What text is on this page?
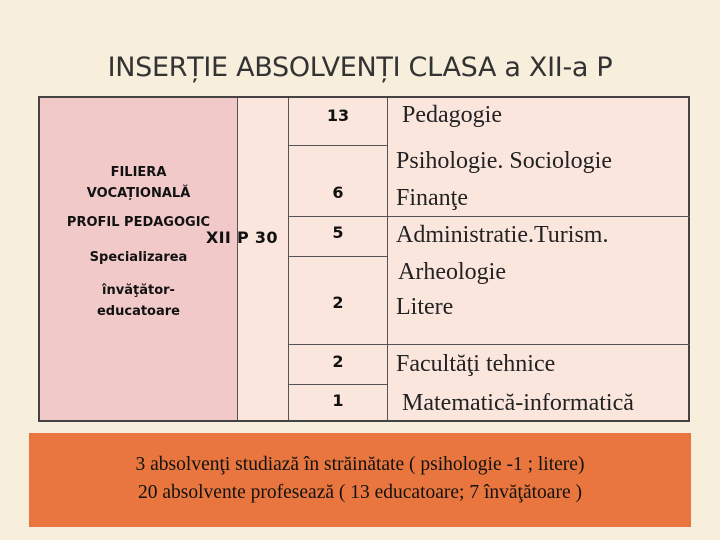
INSERȚIE ABSOLVENȚI CLASA a XII-a P
FILIERA
VOCAȚIONALĂ
PROFIL PEDAGOGIC
Specializarea
învăţător-
educatoare
XII P 30
13
6
5
2
2
1
Pedagogie
Psihologie. Sociologie
Finanţe
Administratie.Turism.
Arheologie
Litere
Facultăţi tehnice
Matematică-informatică
3 absolvenţi studiază în străinătate ( psihologie -1 ; litere)
20 absolvente profesează ( 13 educatoare; 7 învăţătoare )
